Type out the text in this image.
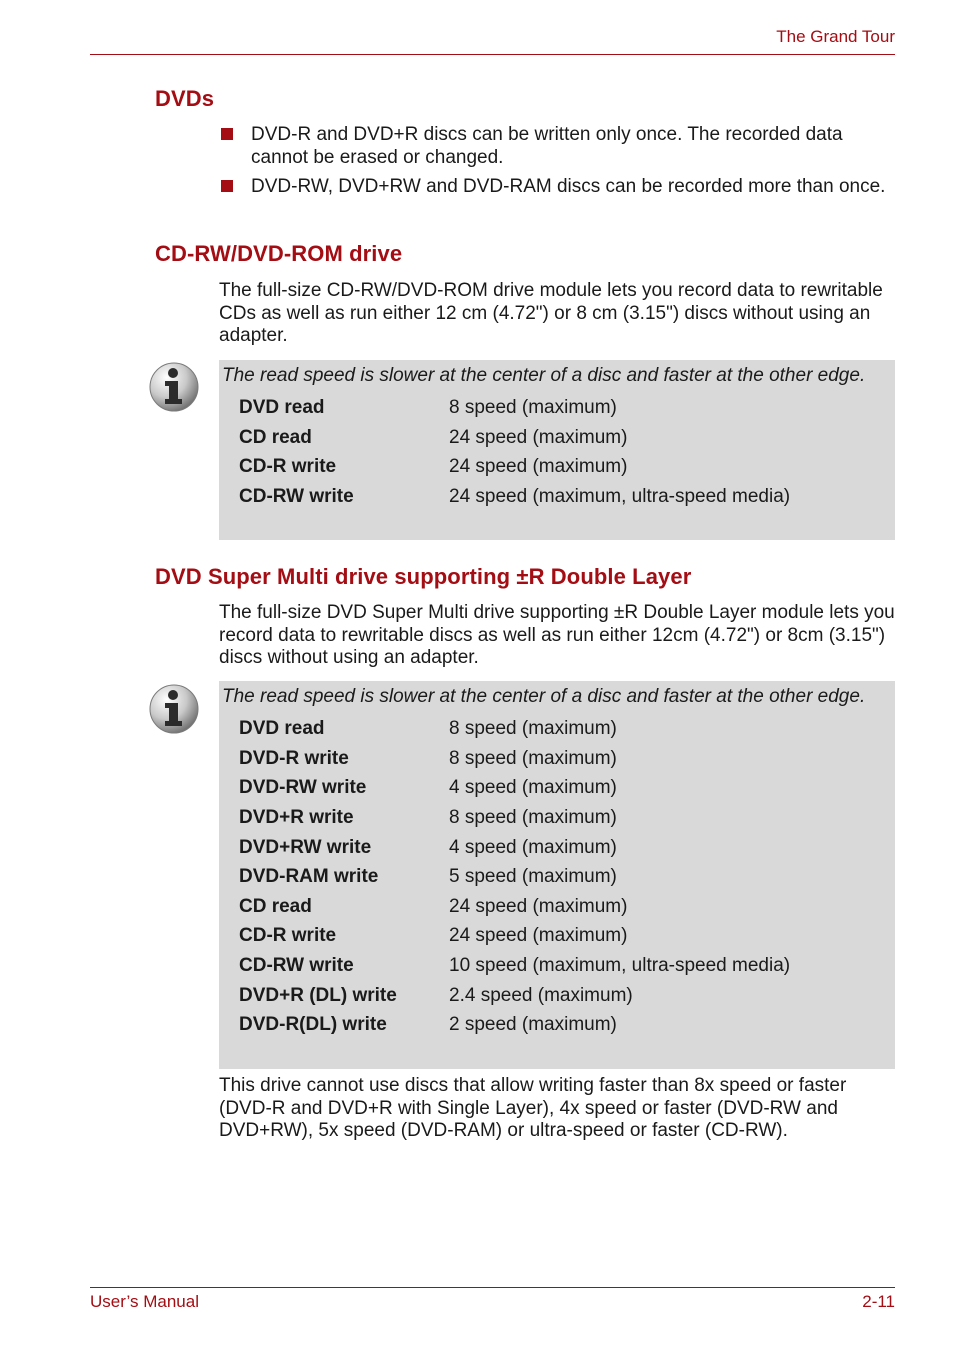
The Grand Tour
DVDs
DVD-R and DVD+R discs can be written only once. The recorded data cannot be erased or changed.
DVD-RW, DVD+RW and DVD-RAM discs can be recorded more than once.
CD-RW/DVD-ROM drive

The full-size CD-RW/DVD-ROM drive module lets you record data to rewritable CDs as well as run either 12 cm (4.72") or 8 cm (3.15") discs without using an adapter.

The read speed is slower at the center of a disc and faster at the other edge.

DVD read	8 speed (maximum)
CD read	24 speed (maximum)
CD-R write	24 speed (maximum)
CD-RW write	24 speed (maximum, ultra-speed media)
DVD Super Multi drive supporting ±R Double Layer

The full-size DVD Super Multi drive supporting ±R Double Layer module lets you record data to rewritable discs as well as run either 12cm (4.72") or 8cm (3.15") discs without using an adapter.

The read speed is slower at the center of a disc and faster at the other edge.

DVD read	8 speed (maximum)
DVD-R write	8 speed (maximum)
DVD-RW write	4 speed (maximum)
DVD+R write	8 speed (maximum)
DVD+RW write	4 speed (maximum)
DVD-RAM write	5 speed (maximum)
CD read	24 speed (maximum)
CD-R write	24 speed (maximum)
CD-RW write	10 speed (maximum, ultra-speed media)
DVD+R (DL) write	2.4 speed (maximum)
DVD-R(DL) write	2 speed (maximum)

This drive cannot use discs that allow writing faster than 8x speed or faster (DVD-R and DVD+R with Single Layer), 4x speed or faster (DVD-RW and DVD+RW), 5x speed (DVD-RAM) or ultra-speed or faster (CD-RW).

User’s Manual	2-11
